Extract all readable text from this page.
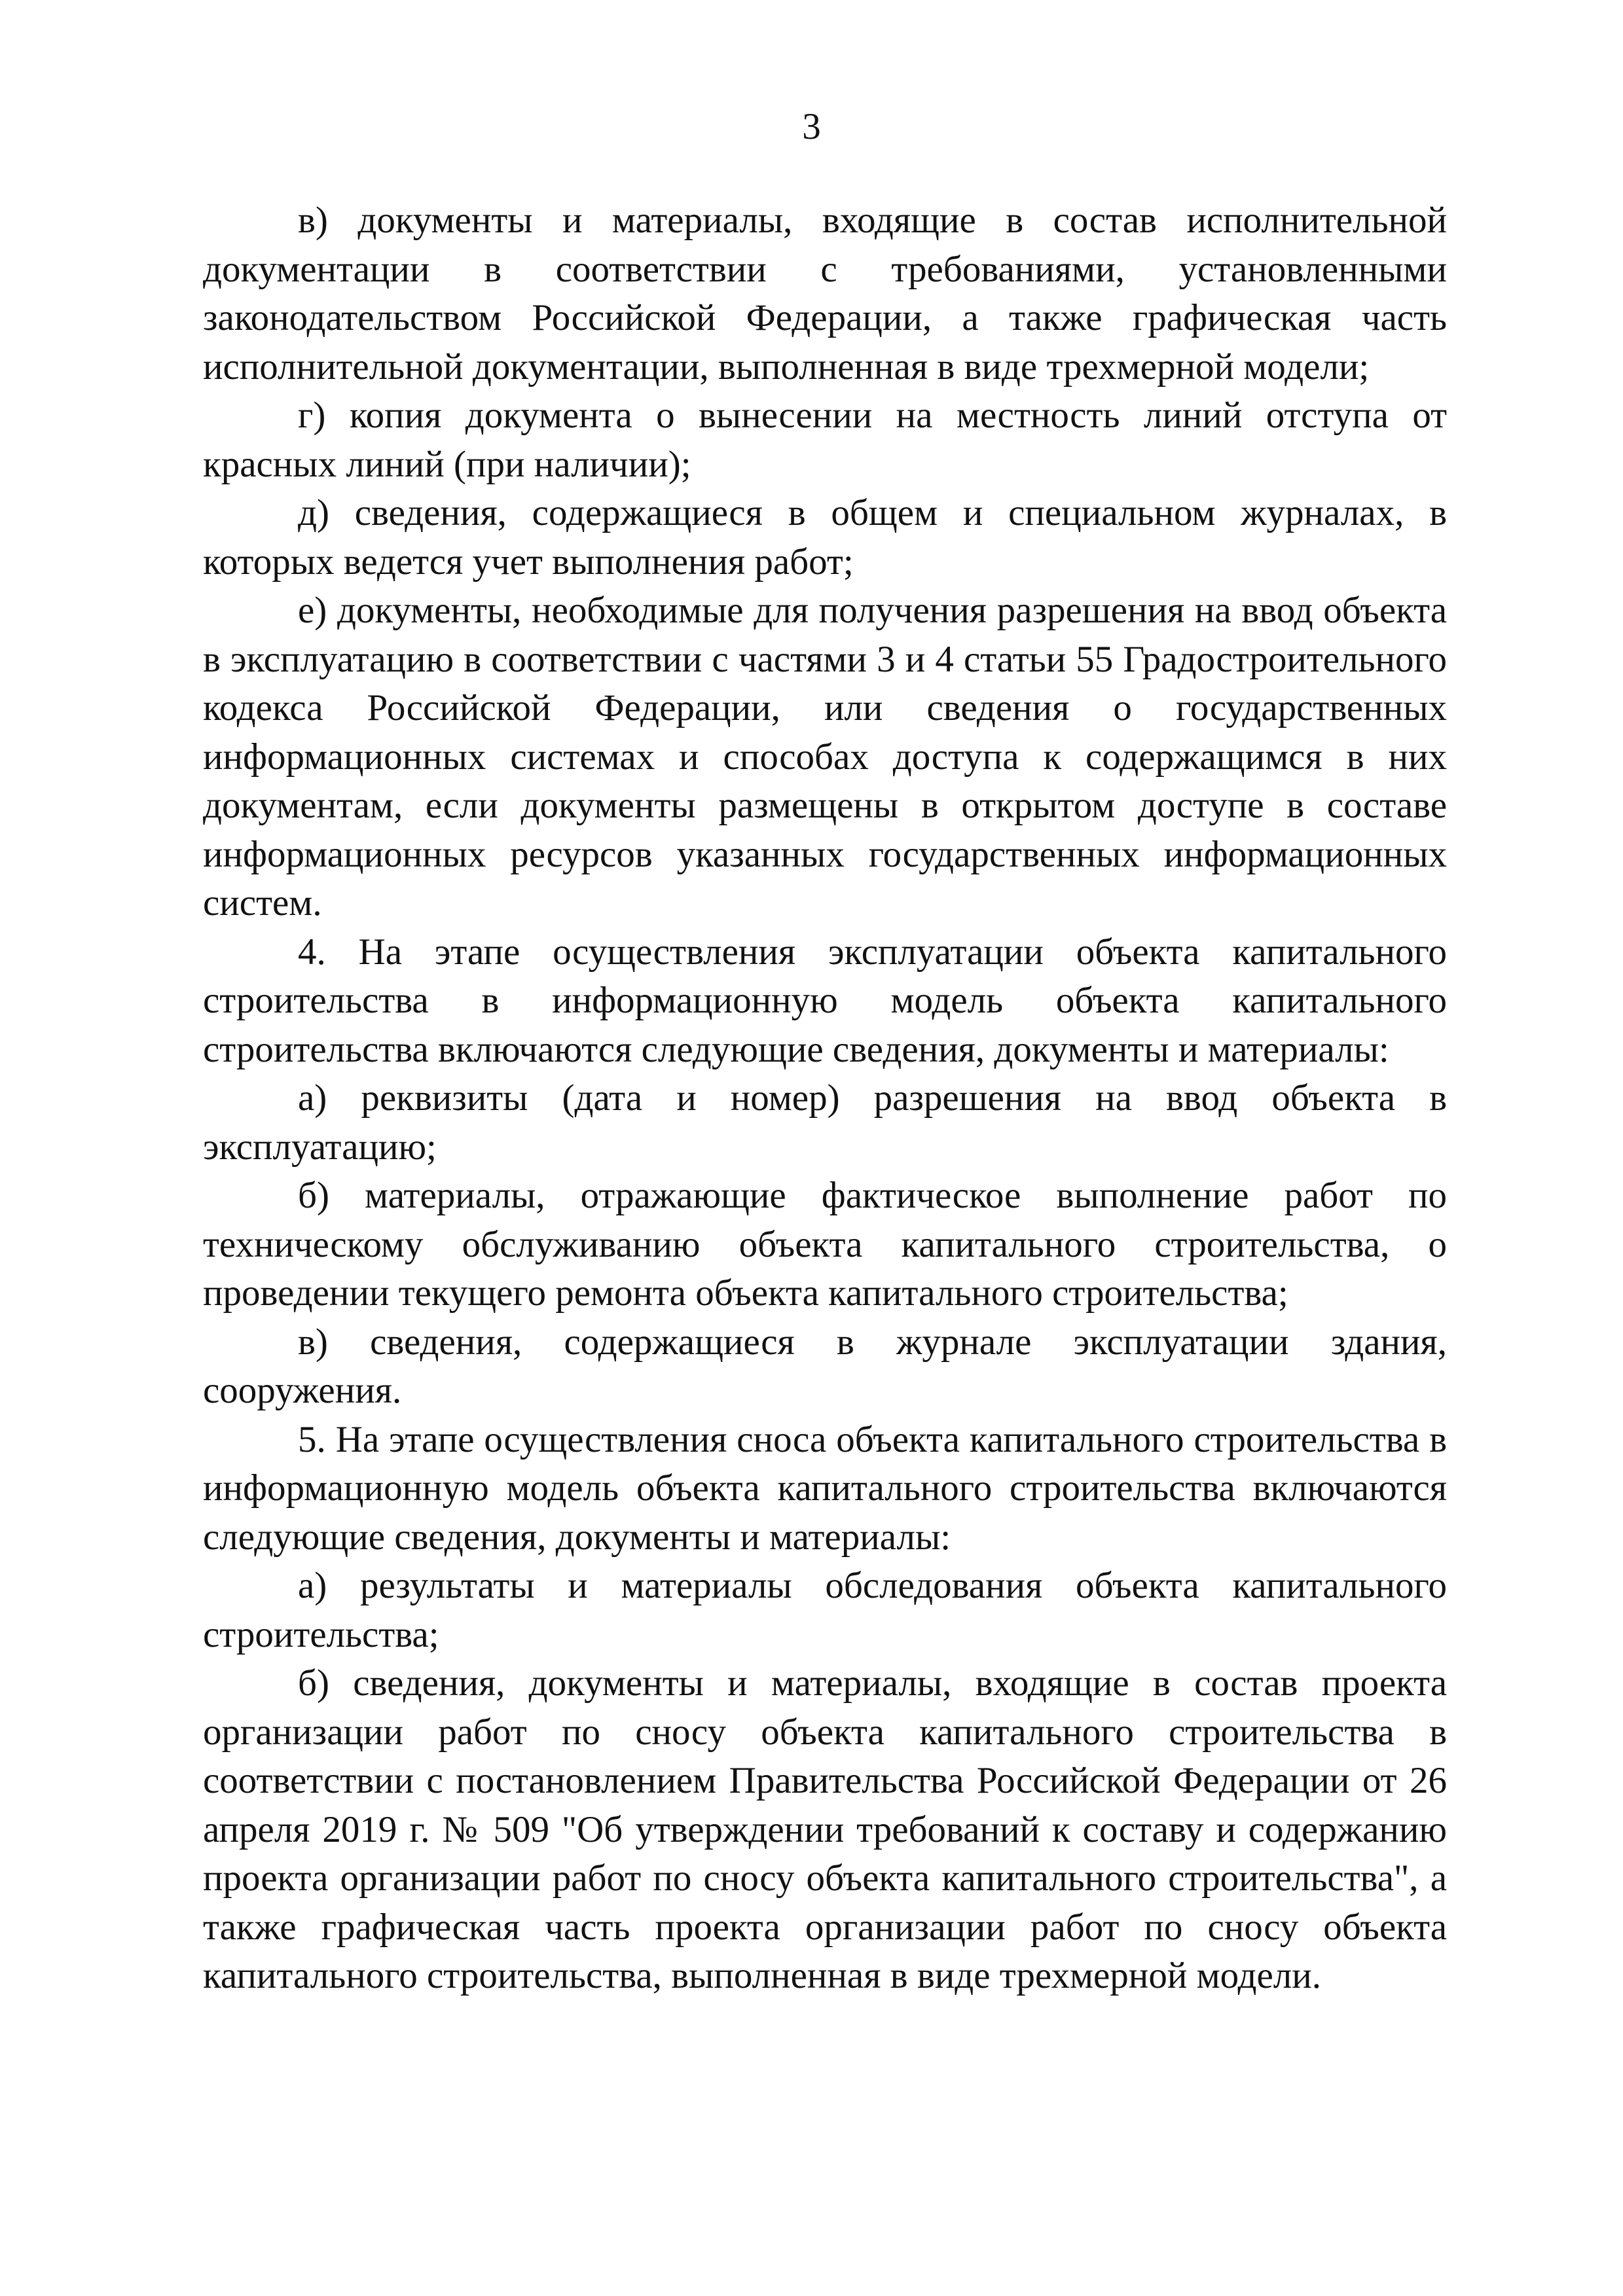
3

в) документы и материалы, входящие в состав исполнительной документации в соответствии с требованиями, установленными законодательством Российской Федерации, а также графическая часть исполнительной документации, выполненная в виде трехмерной модели;

г) копия документа о вынесении на местность линий отступа от красных линий (при наличии);

д) сведения, содержащиеся в общем и специальном журналах, в которых ведется учет выполнения работ;

е) документы, необходимые для получения разрешения на ввод объекта в эксплуатацию в соответствии с частями 3 и 4 статьи 55 Градостроительного кодекса Российской Федерации, или сведения о государственных информационных системах и способах доступа к содержащимся в них документам, если документы размещены в открытом доступе в составе информационных ресурсов указанных государственных информационных систем.

4. На этапе осуществления эксплуатации объекта капитального строительства в информационную модель объекта капитального строительства включаются следующие сведения, документы и материалы:

а) реквизиты (дата и номер) разрешения на ввод объекта в эксплуатацию;

б) материалы, отражающие фактическое выполнение работ по техническому обслуживанию объекта капитального строительства, о проведении текущего ремонта объекта капитального строительства;

в) сведения, содержащиеся в журнале эксплуатации здания, сооружения.

5. На этапе осуществления сноса объекта капитального строительства в информационную модель объекта капитального строительства включаются следующие сведения, документы и материалы:

а) результаты и материалы обследования объекта капитального строительства;

б) сведения, документы и материалы, входящие в состав проекта организации работ по сносу объекта капитального строительства в соответствии с постановлением Правительства Российской Федерации от 26 апреля 2019 г. № 509 "Об утверждении требований к составу и содержанию проекта организации работ по сносу объекта капитального строительства", а также графическая часть проекта организации работ по сносу объекта капитального строительства, выполненная в виде трехмерной модели.
